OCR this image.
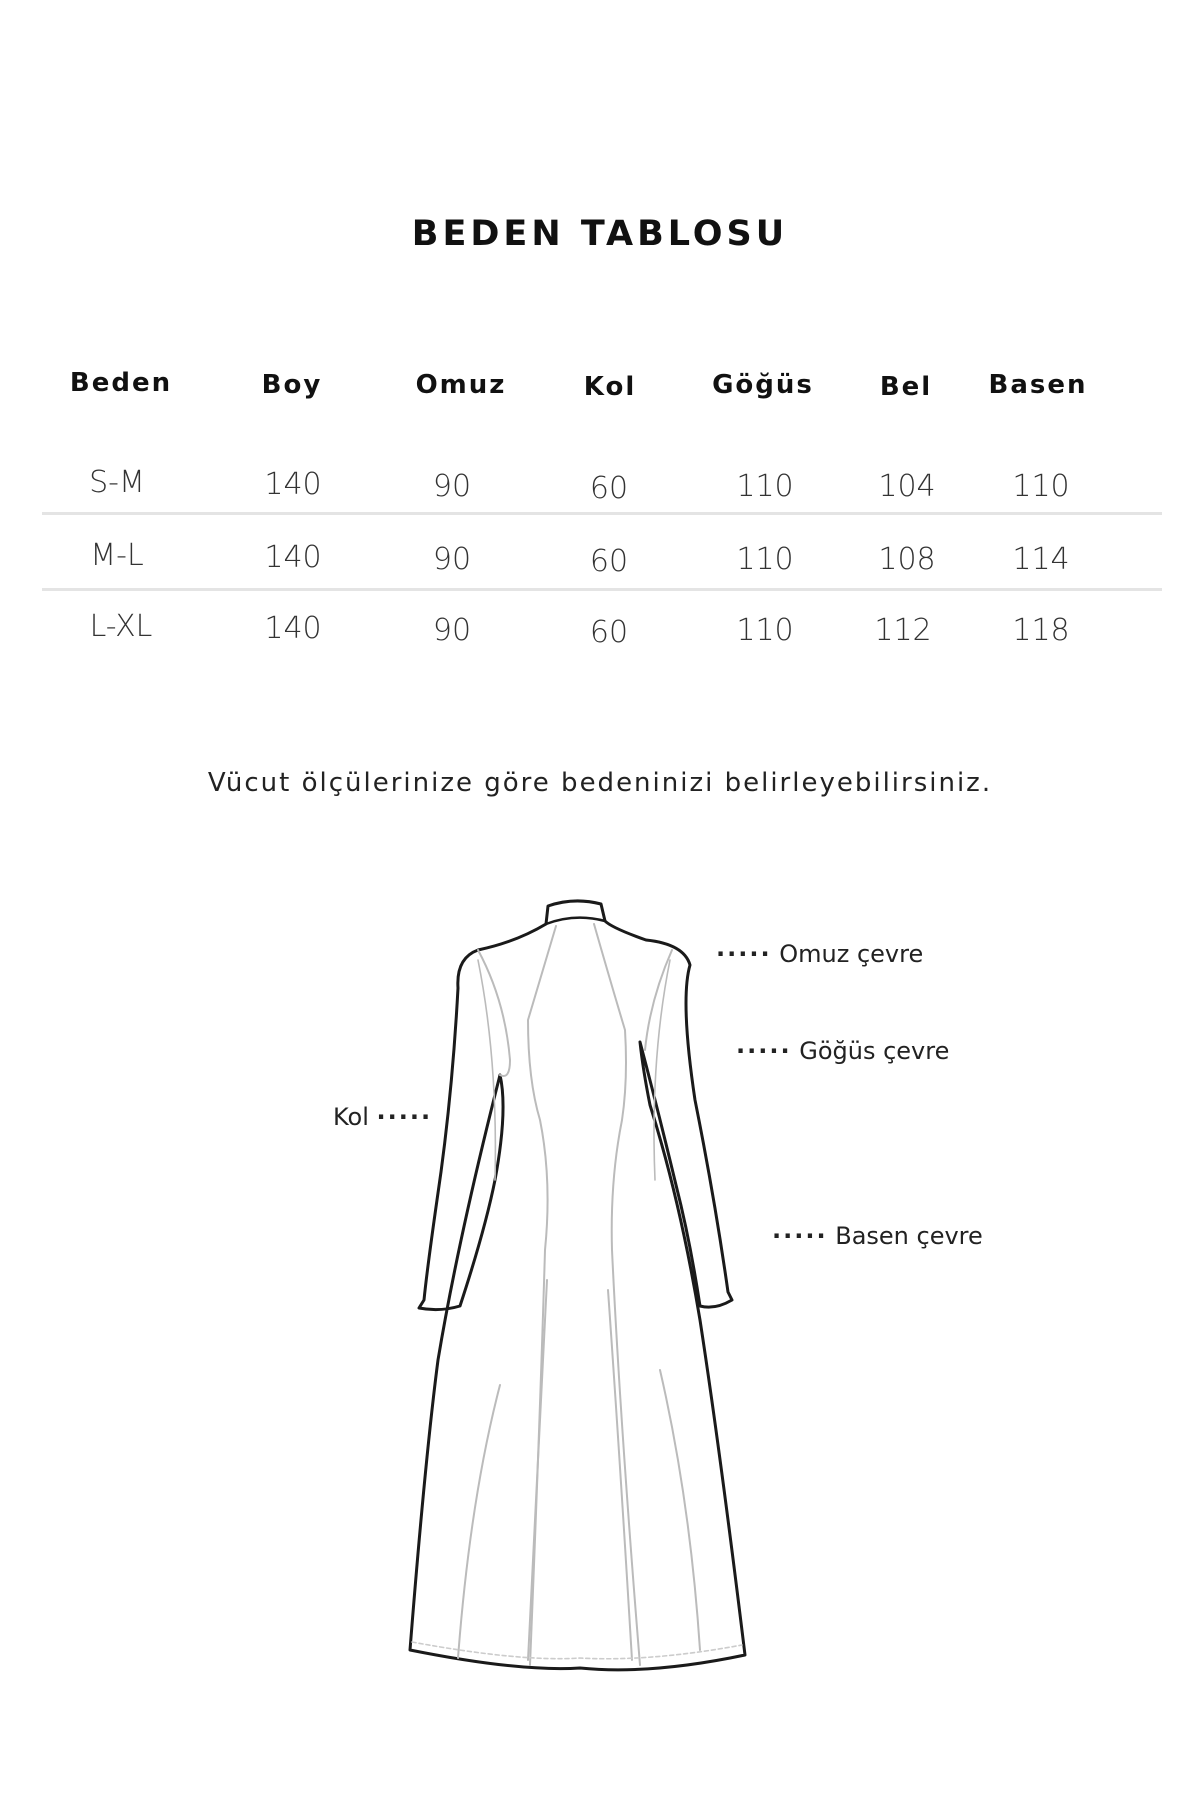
BEDEN TABLOSU
Beden	Boy	Omuz	Kol	Göğüs	Bel Basen
S-M	140	90	60	110	104	110
M-L	140	90	60	110	108	114
L-XL	140	90	60	110	112	118
Vücut ölçülerinize göre bedeninizi belirleyebilirsiniz.
····· Omuz çevre
····· Göğüs çevre
Kol ·····
····· Basen çevre
